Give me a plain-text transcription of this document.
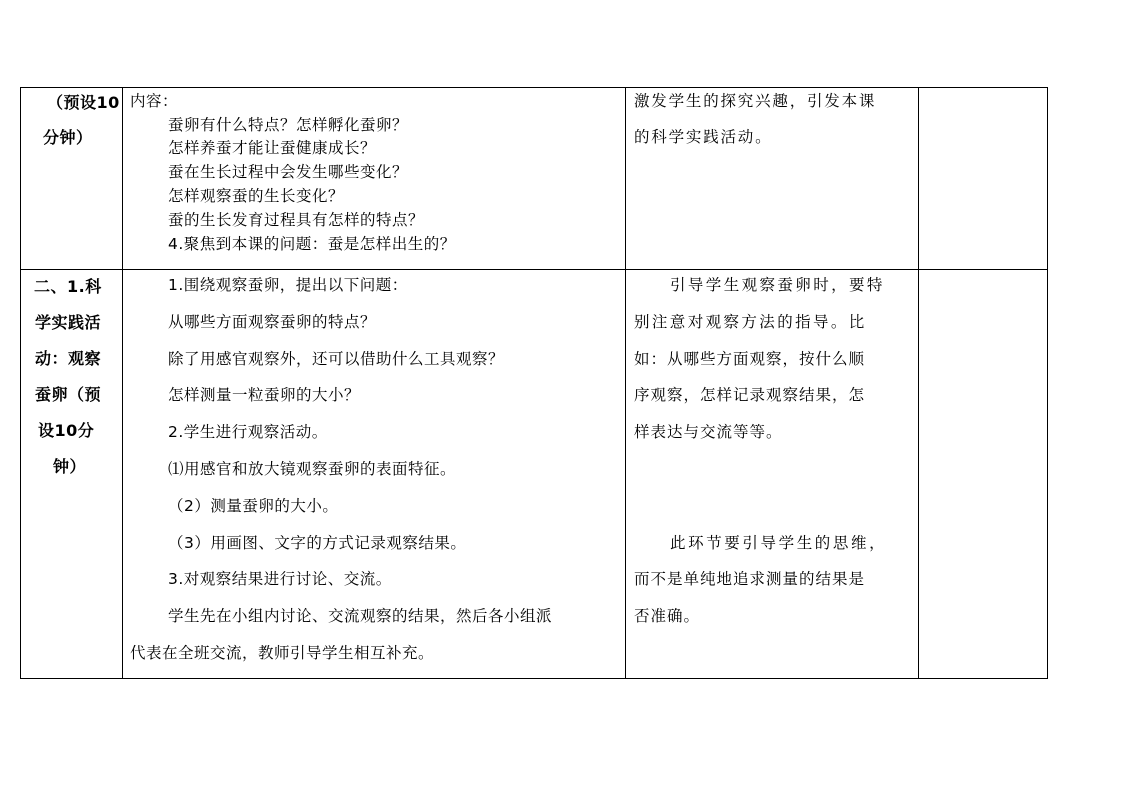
（预设10
分钟）
内容：
蚕卵有什么特点？怎样孵化蚕卵？
怎样养蚕才能让蚕健康成长？
蚕在生长过程中会发生哪些变化？
怎样观察蚕的生长变化？
蚕的生长发育过程具有怎样的特点？
4.聚焦到本课的问题：蚕是怎样出生的？
激发学生的探究兴趣，引发本课
的科学实践活动。
二、1.科
学实践活
动：观察
蚕卵（预
设10分
钟）
1.围绕观察蚕卵，提出以下问题：
从哪些方面观察蚕卵的特点？
除了用感官观察外，还可以借助什么工具观察？
怎样测量一粒蚕卵的大小？
2.学生进行观察活动。
⑴用感官和放大镜观察蚕卵的表面特征。
（2）测量蚕卵的大小。
（3）用画图、文字的方式记录观察结果。
3.对观察结果进行讨论、交流。
学生先在小组内讨论、交流观察的结果，然后各小组派
代表在全班交流，教师引导学生相互补充。
引导学生观察蚕卵时，要特
别注意对观察方法的指导。比
如：从哪些方面观察，按什么顺
序观察，怎样记录观察结果，怎
样表达与交流等等。
此环节要引导学生的思维，
而不是单纯地追求测量的结果是
否准确。
